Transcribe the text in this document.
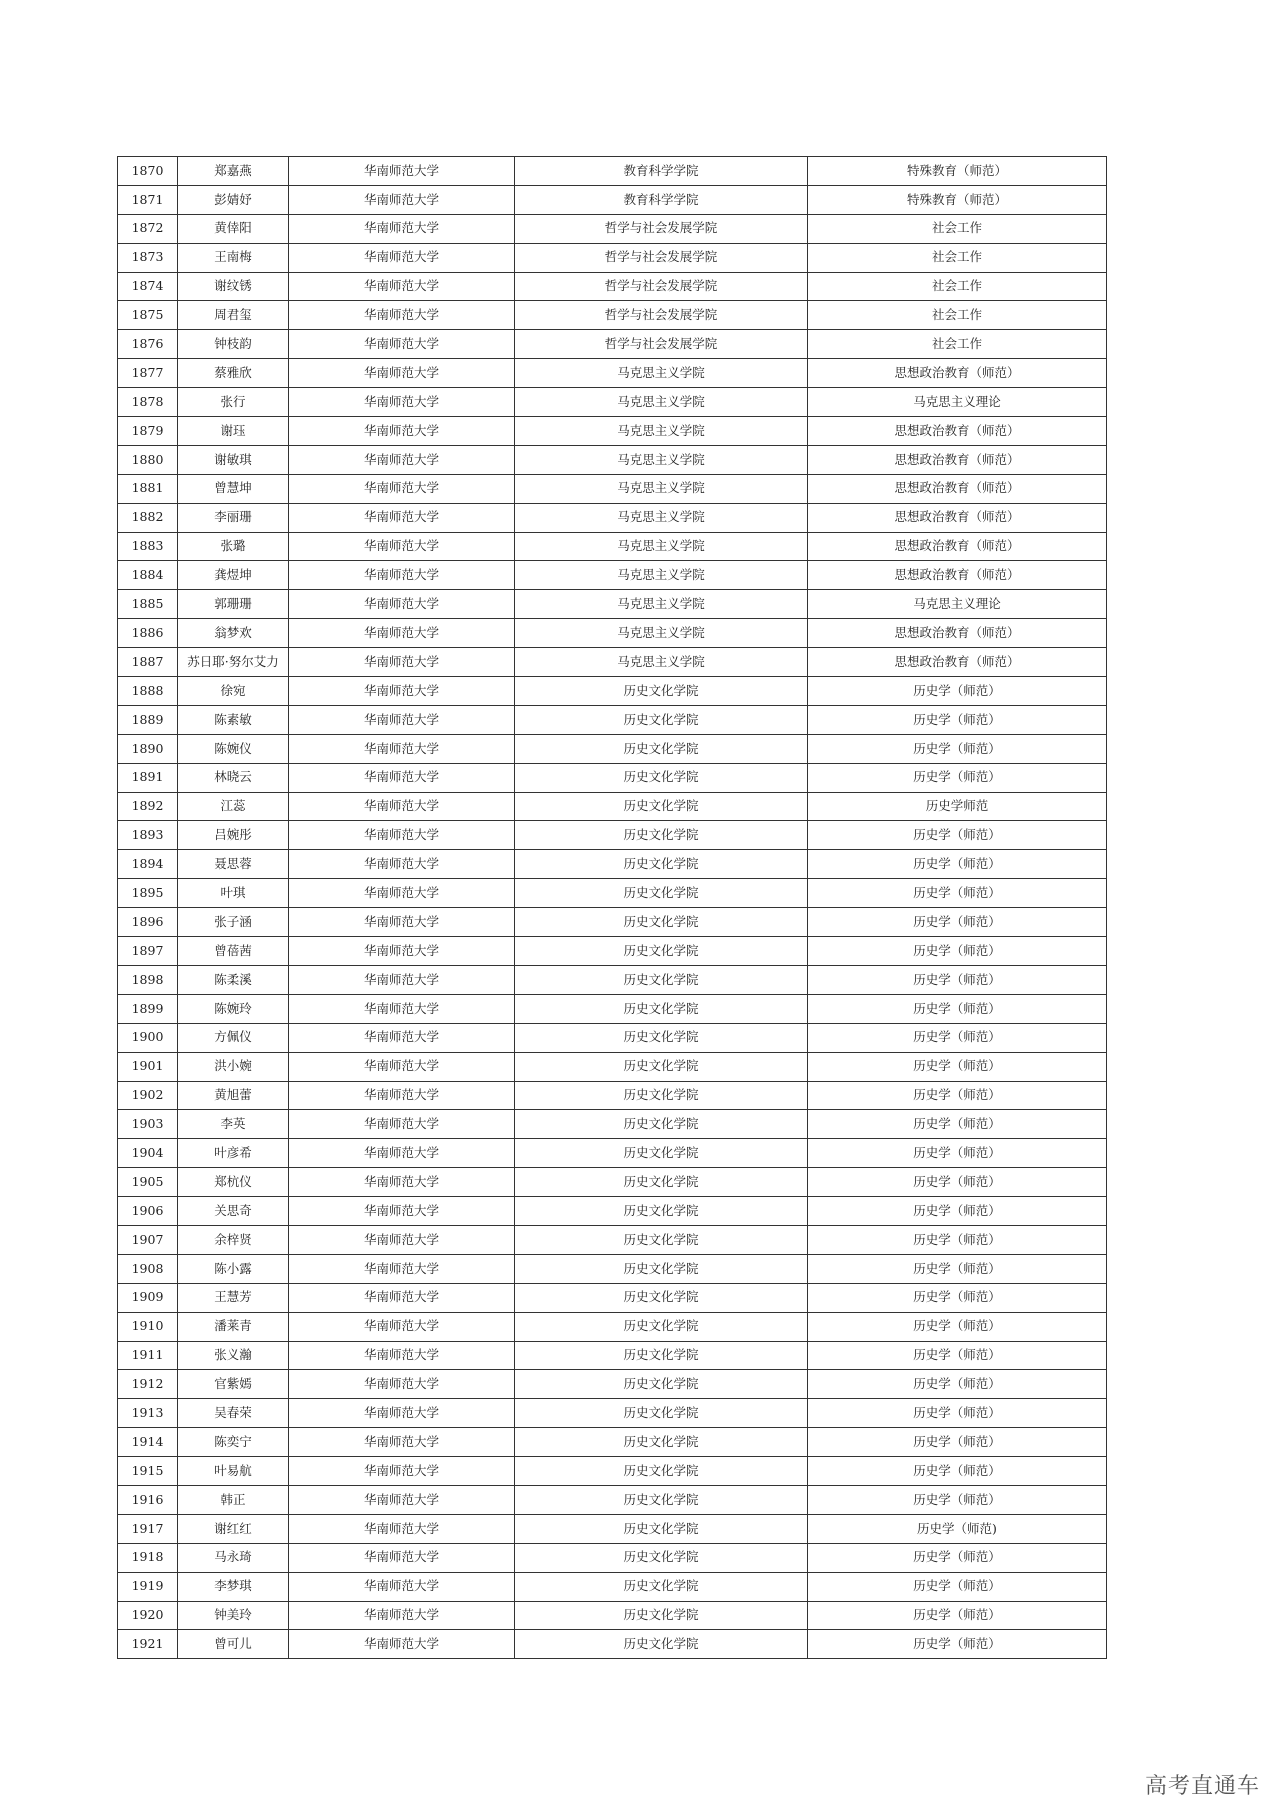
1870	郑嘉燕	华南师范大学	教育科学学院	特殊教育（师范）
1871	彭婧妤	华南师范大学	教育科学学院	特殊教育（师范）
1872	黄倖阳	华南师范大学	哲学与社会发展学院	社会工作
1873	王南梅	华南师范大学	哲学与社会发展学院	社会工作
1874	谢纹锈	华南师范大学	哲学与社会发展学院	社会工作
1875	周君玺	华南师范大学	哲学与社会发展学院	社会工作
1876	钟枝韵	华南师范大学	哲学与社会发展学院	社会工作
1877	蔡雅欣	华南师范大学	马克思主义学院	思想政治教育（师范）
1878	张行	华南师范大学	马克思主义学院	马克思主义理论
1879	谢珏	华南师范大学	马克思主义学院	思想政治教育（师范）
1880	谢敏琪	华南师范大学	马克思主义学院	思想政治教育（师范）
1881	曾慧坤	华南师范大学	马克思主义学院	思想政治教育（师范）
1882	李丽珊	华南师范大学	马克思主义学院	思想政治教育（师范）
1883	张璐	华南师范大学	马克思主义学院	思想政治教育（师范）
1884	龚煜坤	华南师范大学	马克思主义学院	思想政治教育（师范）
1885	郭珊珊	华南师范大学	马克思主义学院	马克思主义理论
1886	翁梦欢	华南师范大学	马克思主义学院	思想政治教育（师范）
1887	苏日耶·努尔艾力	华南师范大学	马克思主义学院	思想政治教育（师范）
1888	徐宛	华南师范大学	历史文化学院	历史学（师范）
1889	陈素敏	华南师范大学	历史文化学院	历史学（师范）
1890	陈婉仪	华南师范大学	历史文化学院	历史学（师范）
1891	林晓云	华南师范大学	历史文化学院	历史学（师范）
1892	江蕊	华南师范大学	历史文化学院	历史学师范
1893	吕婉彤	华南师范大学	历史文化学院	历史学（师范）
1894	聂思蓉	华南师范大学	历史文化学院	历史学（师范）
1895	叶琪	华南师范大学	历史文化学院	历史学（师范）
1896	张子涵	华南师范大学	历史文化学院	历史学（师范）
1897	曾蓓茜	华南师范大学	历史文化学院	历史学（师范）
1898	陈柔溪	华南师范大学	历史文化学院	历史学（师范）
1899	陈婉玲	华南师范大学	历史文化学院	历史学（师范）
1900	方佩仪	华南师范大学	历史文化学院	历史学（师范）
1901	洪小婉	华南师范大学	历史文化学院	历史学（师范）
1902	黄旭蕾	华南师范大学	历史文化学院	历史学（师范）
1903	李英	华南师范大学	历史文化学院	历史学（师范）
1904	叶彦希	华南师范大学	历史文化学院	历史学（师范）
1905	郑杭仪	华南师范大学	历史文化学院	历史学（师范）
1906	关思奇	华南师范大学	历史文化学院	历史学（师范）
1907	余梓贤	华南师范大学	历史文化学院	历史学（师范）
1908	陈小露	华南师范大学	历史文化学院	历史学（师范）
1909	王慧芳	华南师范大学	历史文化学院	历史学（师范）
1910	潘莱青	华南师范大学	历史文化学院	历史学（师范）
1911	张义瀚	华南师范大学	历史文化学院	历史学（师范）
1912	官紫嫣	华南师范大学	历史文化学院	历史学（师范）
1913	吴春荣	华南师范大学	历史文化学院	历史学（师范）
1914	陈奕宁	华南师范大学	历史文化学院	历史学（师范）
1915	叶易航	华南师范大学	历史文化学院	历史学（师范）
1916	韩正	华南师范大学	历史文化学院	历史学（师范）
1917	谢红红	华南师范大学	历史文化学院	历史学（师范)
1918	马永琦	华南师范大学	历史文化学院	历史学（师范）
1919	李梦琪	华南师范大学	历史文化学院	历史学（师范）
1920	钟美玲	华南师范大学	历史文化学院	历史学（师范）
1921	曾可儿	华南师范大学	历史文化学院	历史学（师范）
高考直通车
